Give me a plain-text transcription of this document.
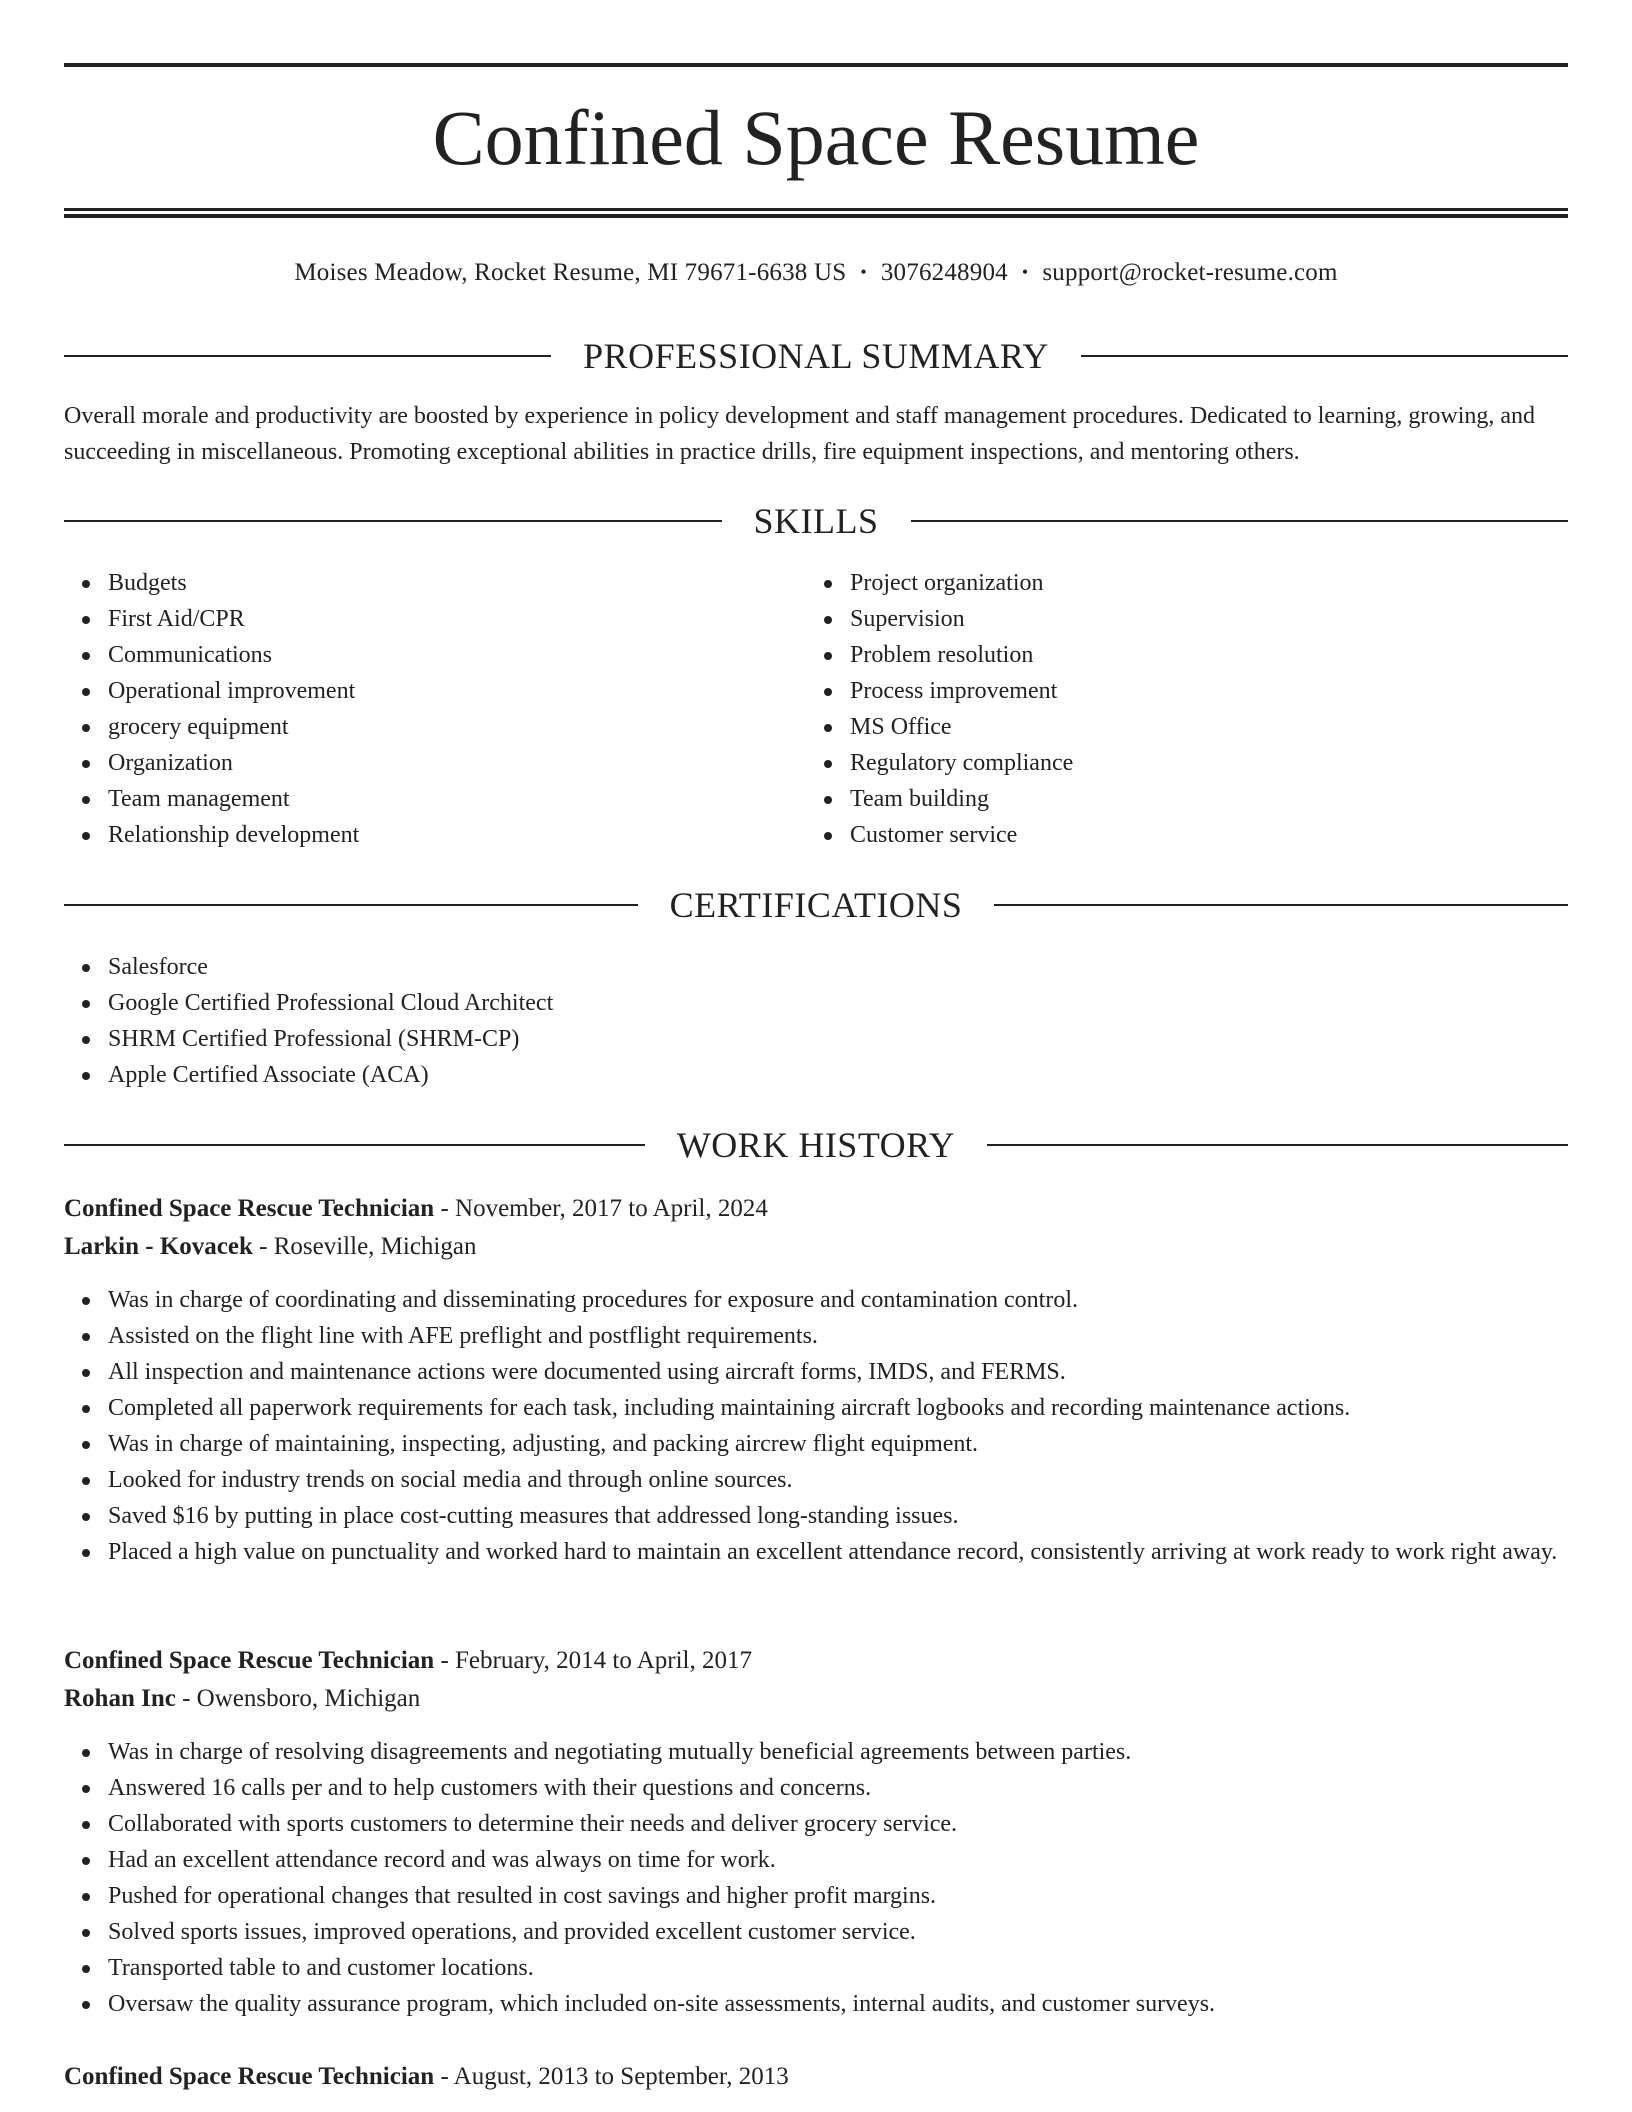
Confined Space Resume
Moises Meadow, Rocket Resume, MI 79671-6638 US • 3076248904 • support@rocket-resume.com
PROFESSIONAL SUMMARY

Overall morale and productivity are boosted by experience in policy development and staff management procedures. Dedicated to learning, growing, and succeeding in miscellaneous. Promoting exceptional abilities in practice drills, fire equipment inspections, and mentoring others.

SKILLS
Budgets
First Aid/CPR
Communications
Operational improvement
grocery equipment
Organization
Team management
Relationship development
Project organization
Supervision
Problem resolution
Process improvement
MS Office
Regulatory compliance
Team building
Customer service
CERTIFICATIONS
Salesforce
Google Certified Professional Cloud Architect
SHRM Certified Professional (SHRM-CP)
Apple Certified Associate (ACA)
WORK HISTORY
Confined Space Rescue Technician - November, 2017 to April, 2024
Larkin - Kovacek - Roseville, Michigan
Was in charge of coordinating and disseminating procedures for exposure and contamination control.
Assisted on the flight line with AFE preflight and postflight requirements.
All inspection and maintenance actions were documented using aircraft forms, IMDS, and FERMS.
Completed all paperwork requirements for each task, including maintaining aircraft logbooks and recording maintenance actions.
Was in charge of maintaining, inspecting, adjusting, and packing aircrew flight equipment.
Looked for industry trends on social media and through online sources.
Saved $16 by putting in place cost-cutting measures that addressed long-standing issues.
Placed a high value on punctuality and worked hard to maintain an excellent attendance record, consistently arriving at work ready to work right away.
Confined Space Rescue Technician - February, 2014 to April, 2017
Rohan Inc - Owensboro, Michigan
Was in charge of resolving disagreements and negotiating mutually beneficial agreements between parties.
Answered 16 calls per and to help customers with their questions and concerns.
Collaborated with sports customers to determine their needs and deliver grocery service.
Had an excellent attendance record and was always on time for work.
Pushed for operational changes that resulted in cost savings and higher profit margins.
Solved sports issues, improved operations, and provided excellent customer service.
Transported table to and customer locations.
Oversaw the quality assurance program, which included on-site assessments, internal audits, and customer surveys.
Confined Space Rescue Technician - August, 2013 to September, 2013
